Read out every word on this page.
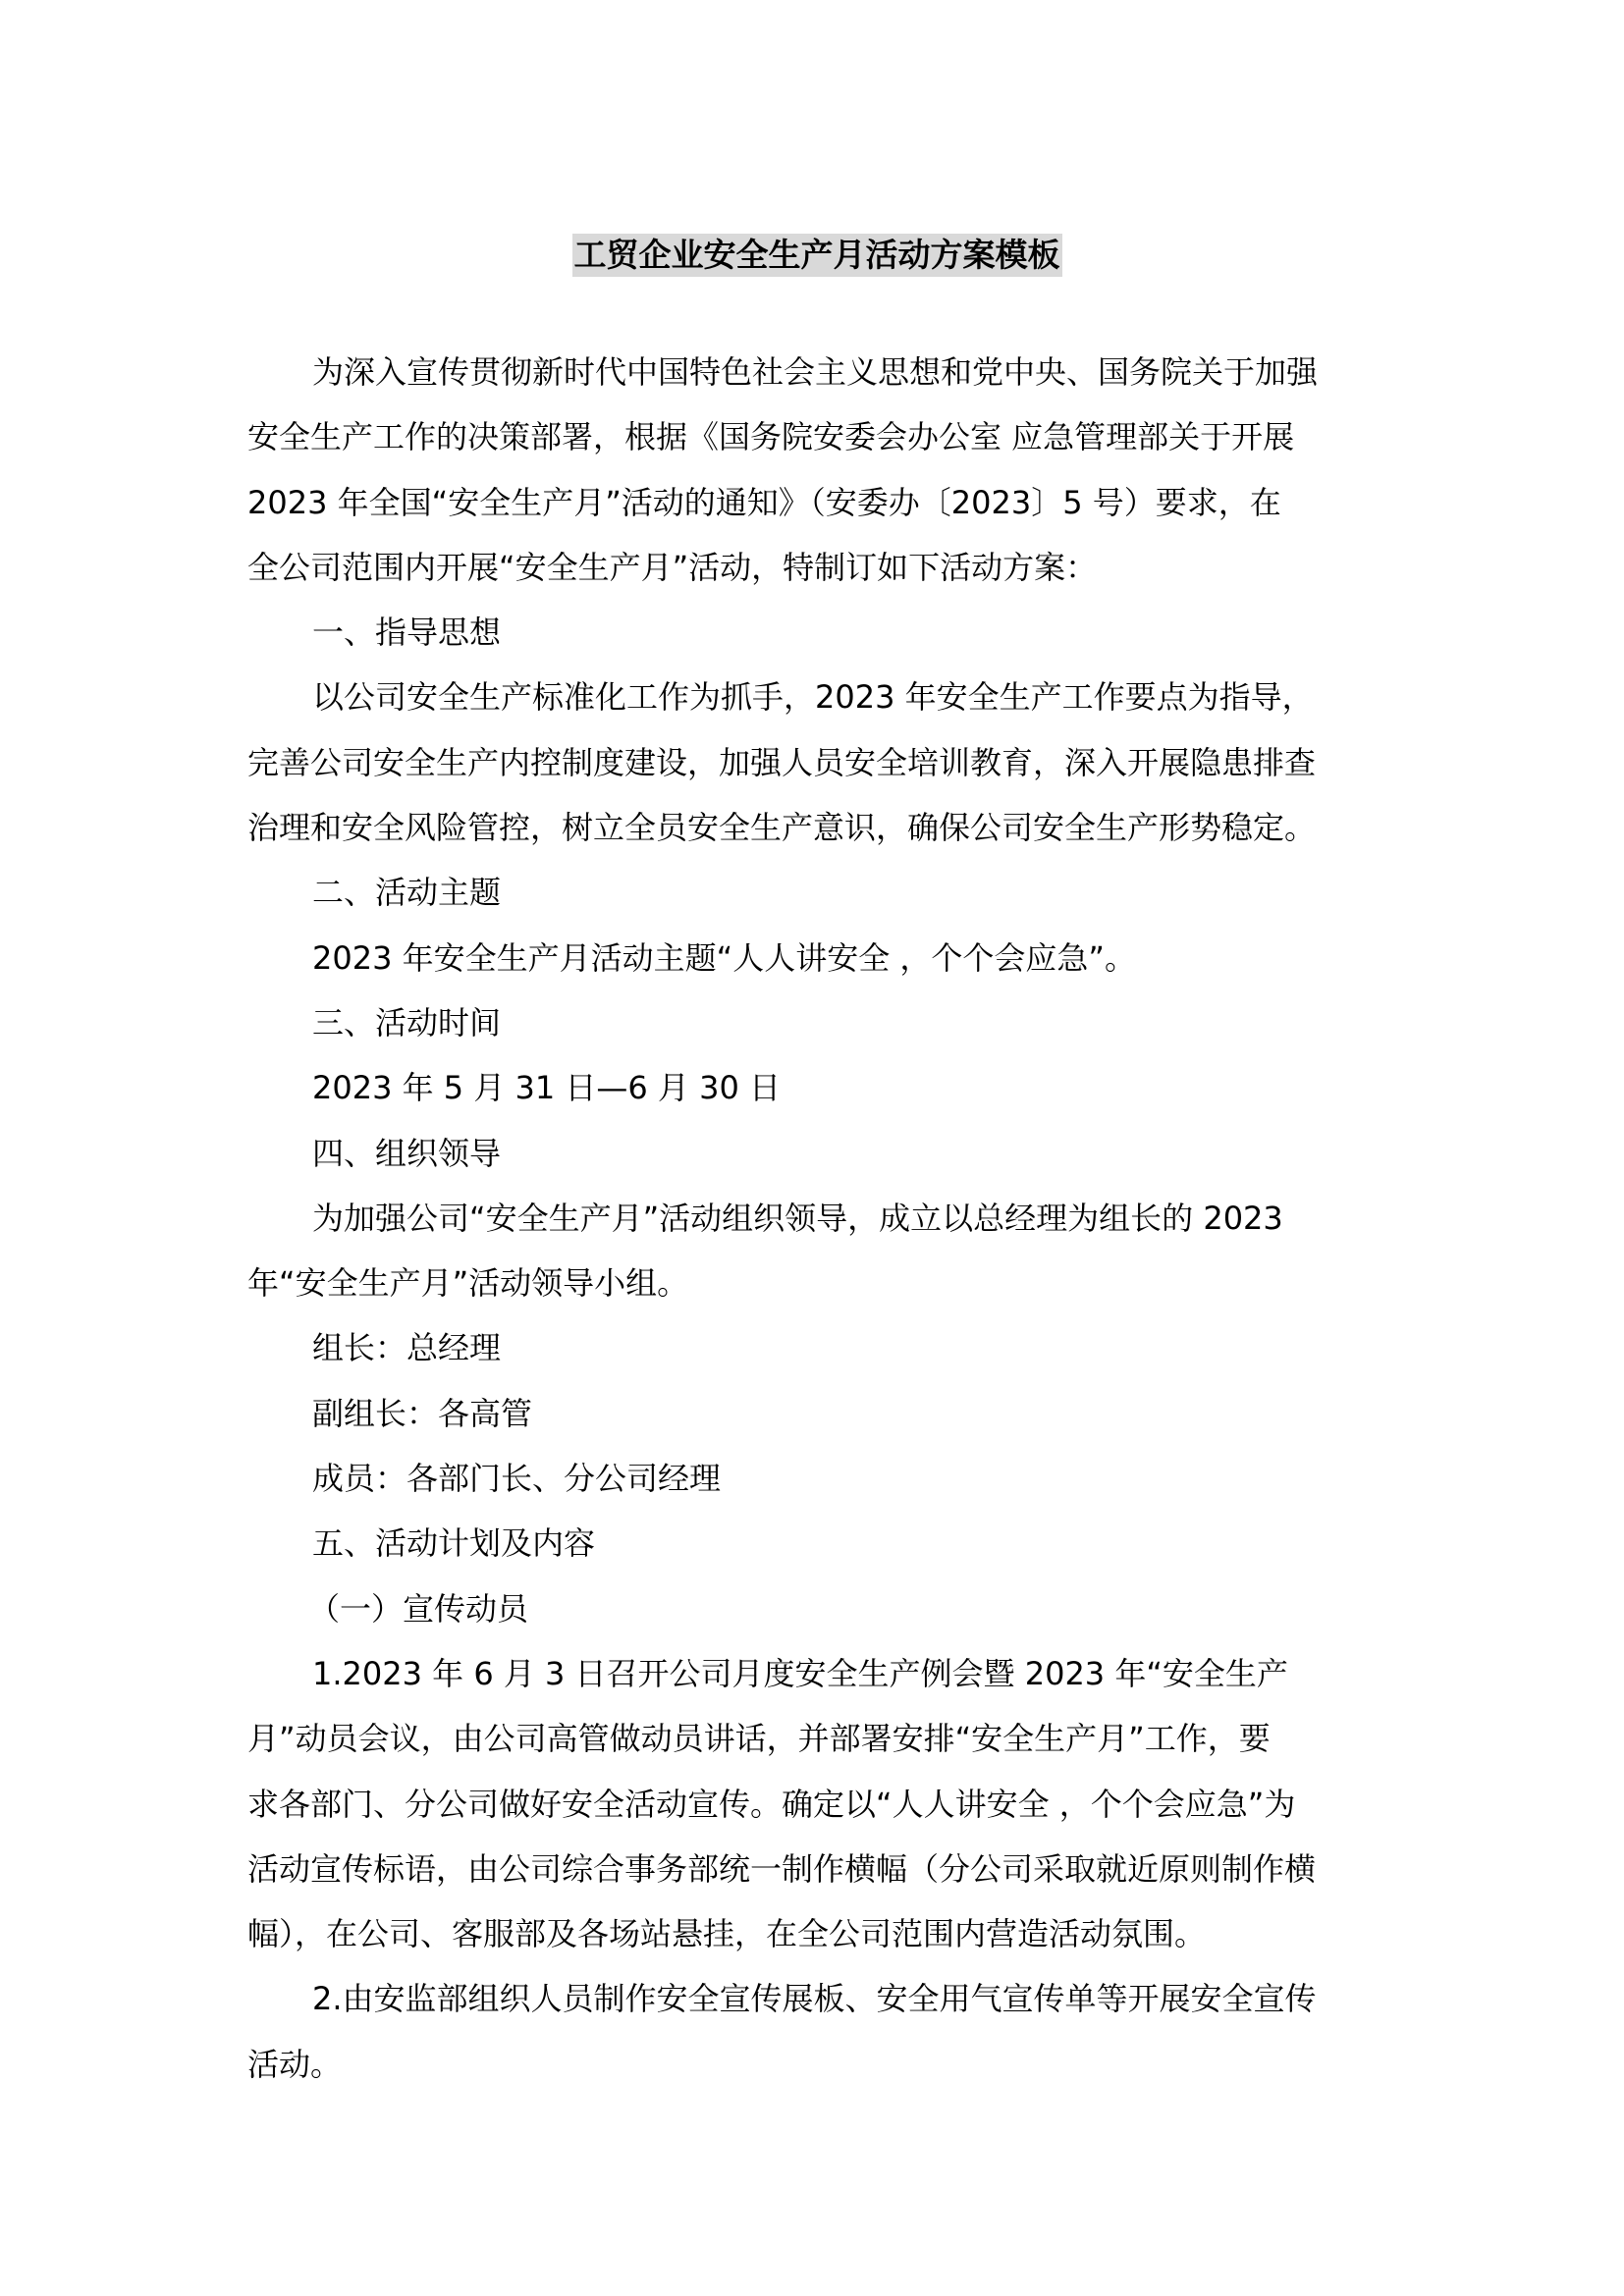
工贸企业安全生产月活动方案模板

为深入宣传贯彻新时代中国特色社会主义思想和党中央、国务院关于加强
安全生产工作的决策部署，根据《国务院安委会办公室 应急管理部关于开展
2023 年全国“安全生产月”活动的通知》（安委办〔2023〕5 号）要求，在
全公司范围内开展“安全生产月”活动，特制订如下活动方案：

一、指导思想

以公司安全生产标准化工作为抓手，2023 年安全生产工作要点为指导，
完善公司安全生产内控制度建设，加强人员安全培训教育，深入开展隐患排查
治理和安全风险管控，树立全员安全生产意识，确保公司安全生产形势稳定。

二、活动主题

2023 年安全生产月活动主题“人人讲安全 ，个个会应急”。

三、活动时间

2023 年 5 月 31 日—6 月 30 日

四、组织领导

为加强公司“安全生产月”活动组织领导，成立以总经理为组长的 2023
年“安全生产月”活动领导小组。

组长：总经理

副组长：各高管

成员：各部门长、分公司经理

五、活动计划及内容

（一）宣传动员

1.2023 年 6 月 3 日召开公司月度安全生产例会暨 2023 年“安全生产
月”动员会议，由公司高管做动员讲话，并部署安排“安全生产月”工作，要
求各部门、分公司做好安全活动宣传。确定以“人人讲安全 ，个个会应急”为
活动宣传标语，由公司综合事务部统一制作横幅（分公司采取就近原则制作横
幅），在公司、客服部及各场站悬挂，在全公司范围内营造活动氛围。

2.由安监部组织人员制作安全宣传展板、安全用气宣传单等开展安全宣传
活动。
